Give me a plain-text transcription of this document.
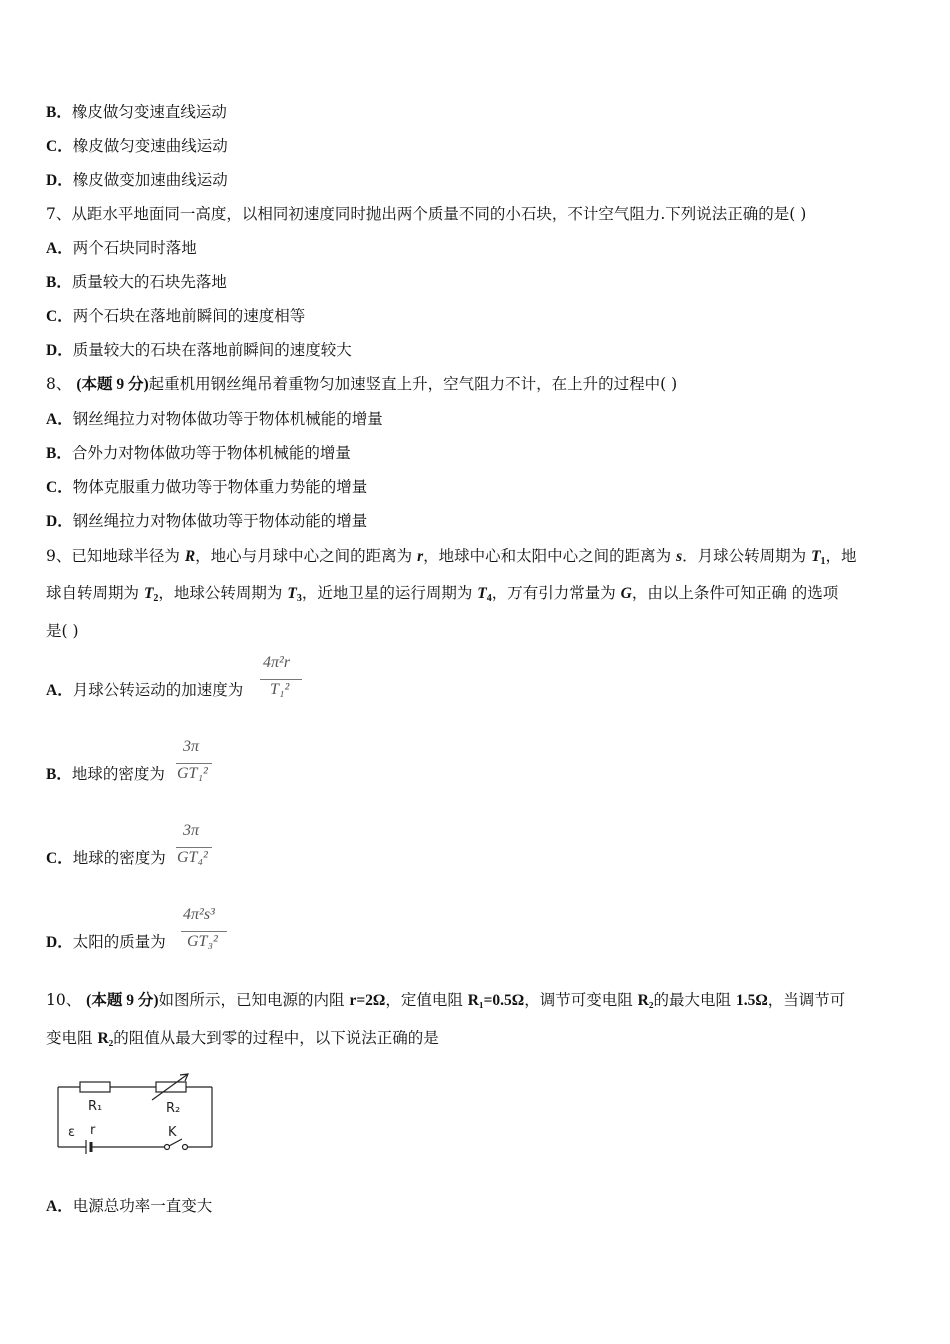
B．橡皮做匀变速直线运动
C．橡皮做匀变速曲线运动
D．橡皮做变加速曲线运动
7、从距水平地面同一高度，以相同初速度同时抛出两个质量不同的小石块，不计空气阻力.下列说法正确的是( )
A．两个石块同时落地
B．质量较大的石块先落地
C．两个石块在落地前瞬间的速度相等
D．质量较大的石块在落地前瞬间的速度较大
8、 (本题 9 分)起重机用钢丝绳吊着重物匀加速竖直上升，空气阻力不计，在上升的过程中( )
A．钢丝绳拉力对物体做功等于物体机械能的增量
B．合外力对物体做功等于物体机械能的增量
C．物体克服重力做功等于物体重力势能的增量
D．钢丝绳拉力对物体做功等于物体动能的增量
9、已知地球半径为 R，地心与月球中心之间的距离为 r，地球中心和太阳中心之间的距离为 s．月球公转周期为 $T_1$，地
球自转周期为 $T_2$，地球公转周期为 $T_3$，近地卫星的运行周期为 $T_4$，万有引力常量为 G，由以上条件可知正确 的选项
是( )
A．月球公转运动的加速度为
4π²r
T₁²
B．地球的密度为
3π
GT₁²
C．地球的密度为
3π
GT₄²
D．太阳的质量为
4π²s³
GT₃²
10、 (本题 9 分)如图所示，已知电源的内阻 r=2Ω，定值电阻 R₁=0.5Ω，调节可变电阻 R₂的最大电阻 1.5Ω，当调节可
变电阻 R₂的阻值从最大到零的过程中，以下说法正确的是
R₁	R₂
ε r	K
A．电源总功率一直变大
